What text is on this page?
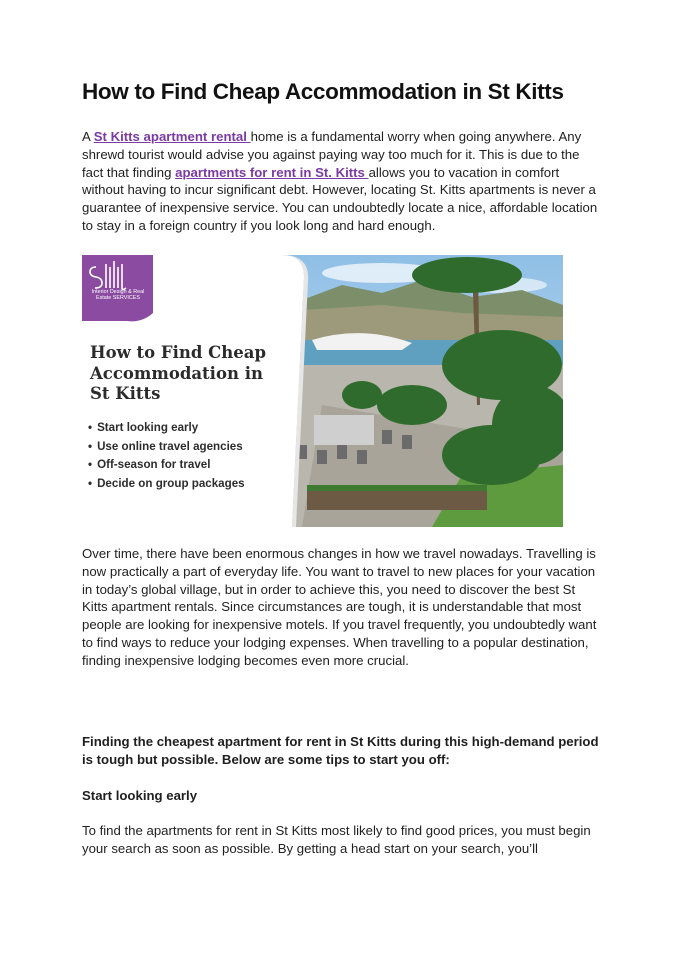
How to Find Cheap Accommodation in St Kitts

A St Kitts apartment rental home is a fundamental worry when going anywhere. Any shrewd tourist would advise you against paying way too much for it. This is due to the fact that finding apartments for rent in St. Kitts allows you to vacation in comfort without having to incur significant debt. However, locating St. Kitts apartments is never a guarantee of inexpensive service. You can undoubtedly locate a nice, affordable location to stay in a foreign country if you look long and hard enough.

Interior Design & Real Estate SERVICES
How to Find Cheap
Accommodation in
St Kitts
• Start looking early
• Use online travel agencies
• Off-season for travel
• Decide on group packages

Over time, there have been enormous changes in how we travel nowadays. Travelling is now practically a part of everyday life. You want to travel to new places for your vacation in today’s global village, but in order to achieve this, you need to discover the best St Kitts apartment rentals. Since circumstances are tough, it is understandable that most people are looking for inexpensive motels. If you travel frequently, you undoubtedly want to find ways to reduce your lodging expenses. When travelling to a popular destination, finding inexpensive lodging becomes even more crucial.

Finding the cheapest apartment for rent in St Kitts during this high-demand period is tough but possible. Below are some tips to start you off:

Start looking early

To find the apartments for rent in St Kitts most likely to find good prices, you must begin your search as soon as possible. By getting a head start on your search, you’ll
